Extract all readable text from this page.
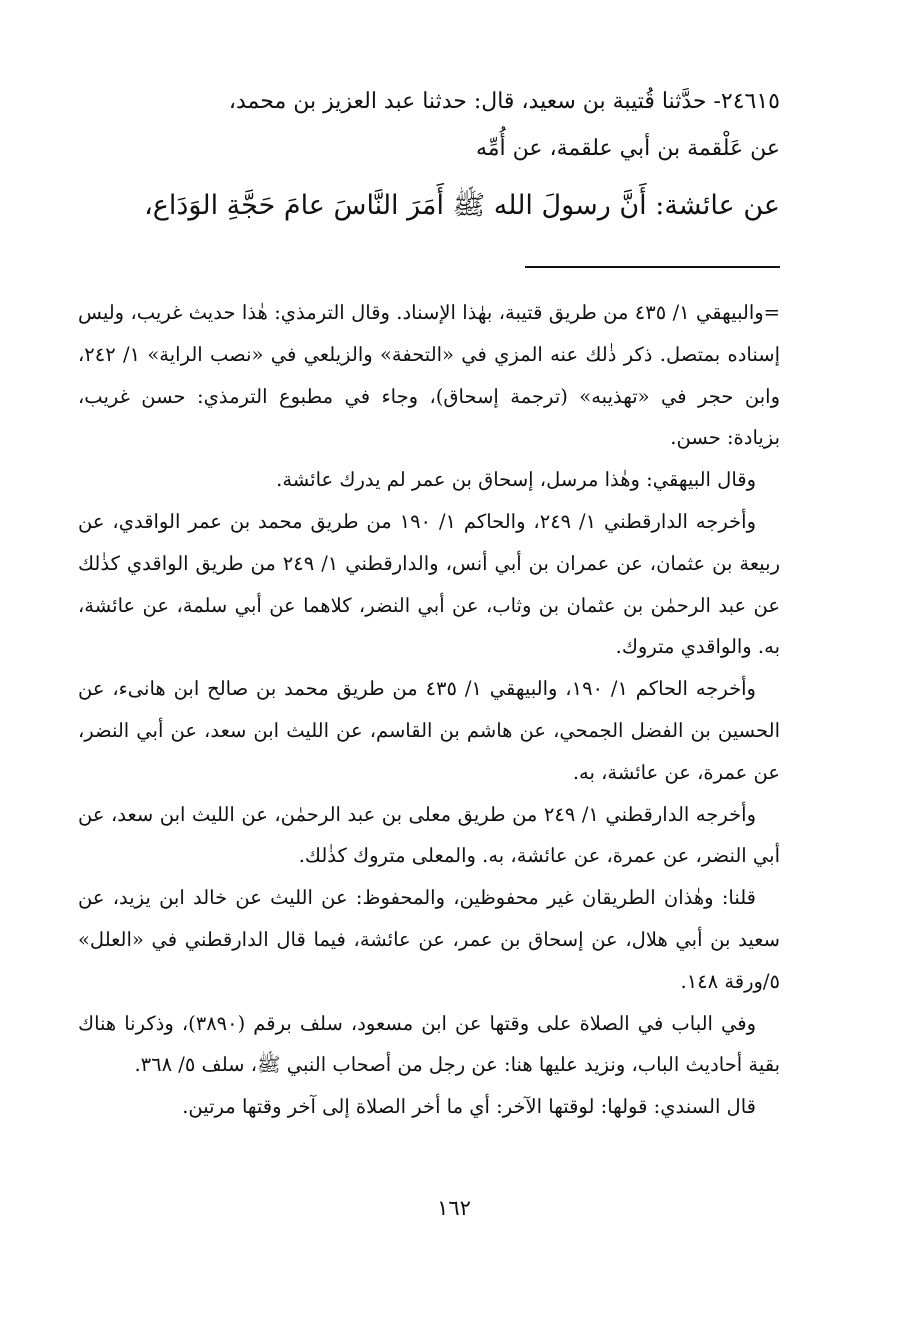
٢٤٦١٥- حدَّثنا قُتيبة بن سعيد، قال: حدثنا عبد العزيز بن محمد،

عن عَلْقمة بن أبي علقمة، عن أُمِّه

عن عائشة: أَنَّ رسولَ الله ﷺ أَمَرَ النَّاسَ عامَ حَجَّةِ الوَدَاع،

=والبيهقي ١/ ٤٣٥ من طريق قتيبة، بهٰذا الإسناد. وقال الترمذي: هٰذا حديث غريب، وليس إسناده بمتصل. ذكر ذٰلك عنه المزي في «التحفة» والزيلعي في «نصب الراية» ١/ ٢٤٢، وابن حجر في «تهذيبه» (ترجمة إسحاق)، وجاء في مطبوع الترمذي: حسن غريب، بزيادة: حسن.

وقال البيهقي: وهٰذا مرسل، إسحاق بن عمر لم يدرك عائشة.

وأخرجه الدارقطني ١/ ٢٤٩، والحاكم ١/ ١٩٠ من طريق محمد بن عمر الواقدي، عن ربيعة بن عثمان، عن عمران بن أبي أنس، والدارقطني ١/ ٢٤٩ من طريق الواقدي كذٰلك عن عبد الرحمٰن بن عثمان بن وثاب، عن أبي النضر، كلاهما عن أبي سلمة، عن عائشة، به. والواقدي متروك.

وأخرجه الحاكم ١/ ١٩٠، والبيهقي ١/ ٤٣٥ من طريق محمد بن صالح ابن هانىء، عن الحسين بن الفضل الجمحي، عن هاشم بن القاسم، عن الليث ابن سعد، عن أبي النضر، عن عمرة، عن عائشة، به.

وأخرجه الدارقطني ١/ ٢٤٩ من طريق معلى بن عبد الرحمٰن، عن الليث ابن سعد، عن أبي النضر، عن عمرة، عن عائشة، به. والمعلى متروك كذٰلك.

قلنا: وهٰذان الطريقان غير محفوظين، والمحفوظ: عن الليث عن خالد ابن يزيد، عن سعيد بن أبي هلال، عن إسحاق بن عمر، عن عائشة، فيما قال الدارقطني في «العلل» ٥/ورقة ١٤٨.

وفي الباب في الصلاة على وقتها عن ابن مسعود، سلف برقم (٣٨٩٠)، وذكرنا هناك بقية أحاديث الباب، ونزيد عليها هنا: عن رجل من أصحاب النبي ﷺ، سلف ٥/ ٣٦٨.

قال السندي: قولها: لوقتها الآخر: أي ما أخر الصلاة إلى آخر وقتها مرتين.

١٦٢
